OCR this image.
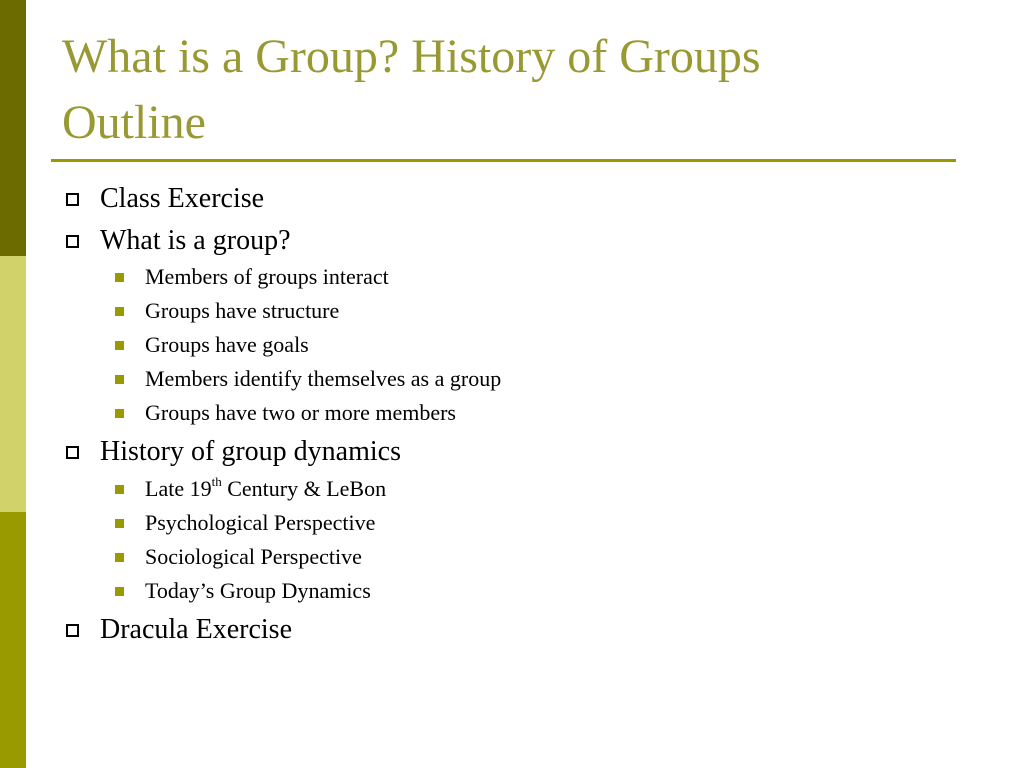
What is a Group? History of Groups
Outline
Class Exercise
What is a group?
Members of groups interact
Groups have structure
Groups have goals
Members identify themselves as a group
Groups have two or more members
History of group dynamics
Late 19th Century & LeBon
Psychological Perspective
Sociological Perspective
Today’s Group Dynamics
Dracula Exercise
